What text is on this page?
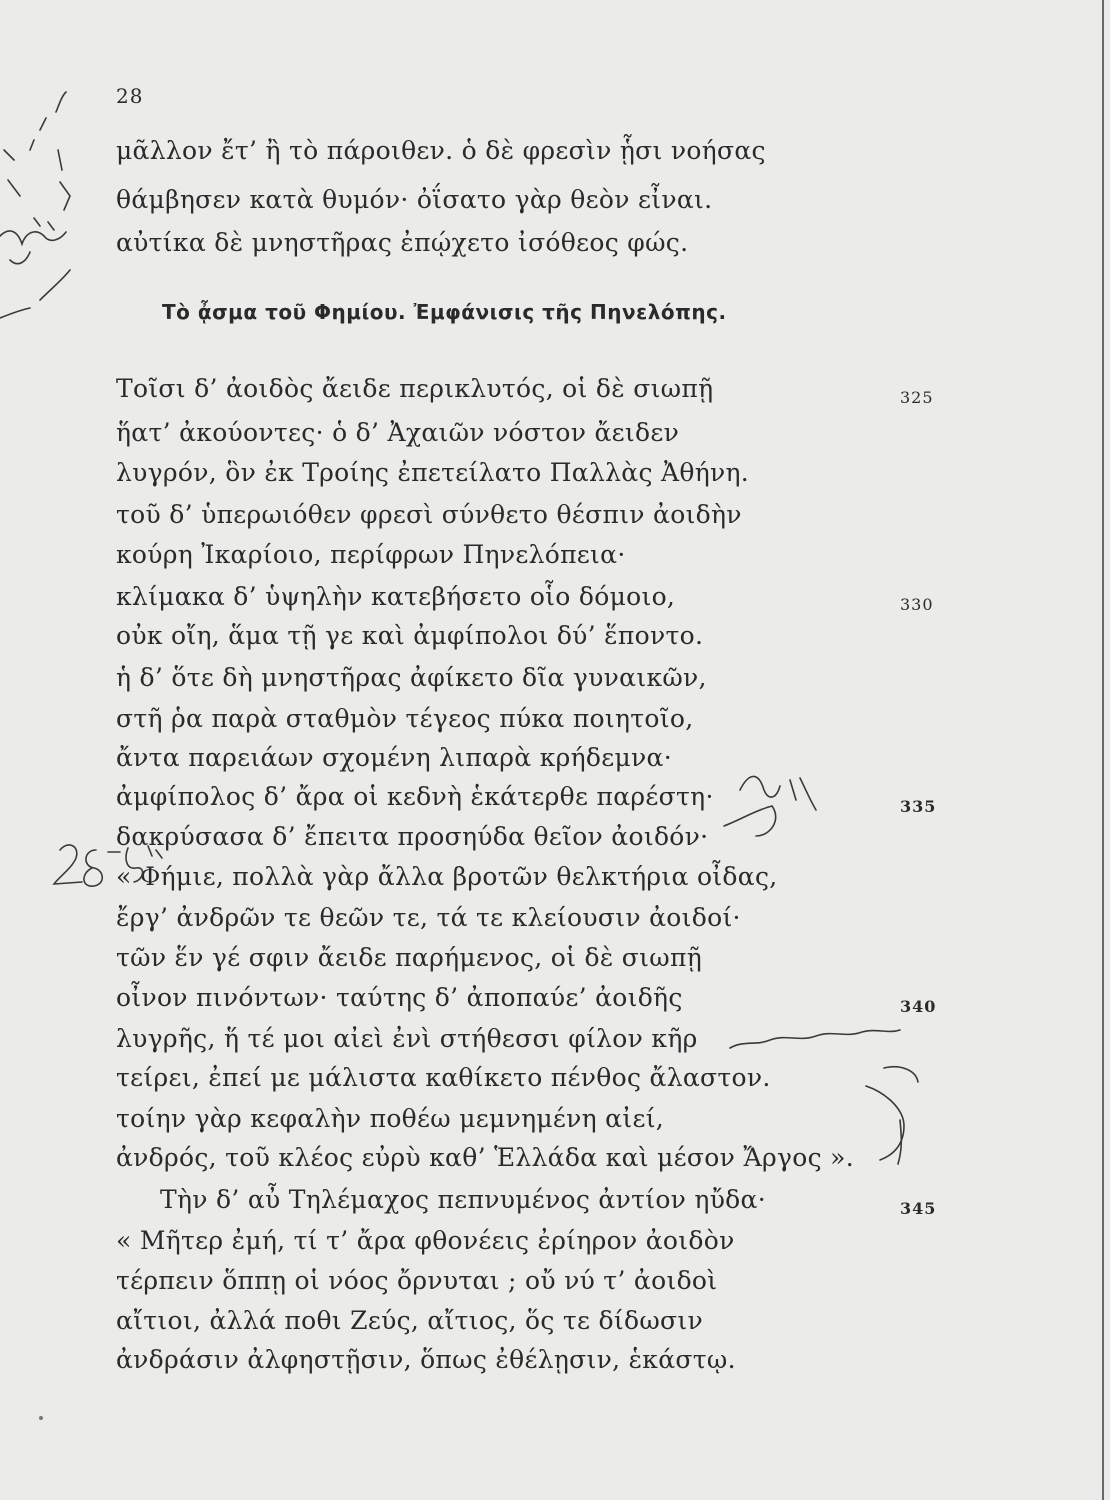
28
μᾶλλον ἔτ’ ἢ τὸ πάροιθεν. ὁ δὲ φρεσὶν ᾗσι νοήσας
θάμβησεν κατὰ θυμόν· ὀΐσατο γὰρ θεὸν εἶναι.
αὐτίκα δὲ μνηστῆρας ἐπῴχετο ἰσόθεος φώς.
Τὸ ᾆσμα τοῦ Φημίου. Ἐμφάνισις τῆς Πηνελόπης.
Τοῖσι δ’ ἀοιδὸς ἄειδε περικλυτός, οἱ δὲ σιωπῇ
ἥατ’ ἀκούοντες· ὁ δ’ Ἀχαιῶν νόστον ἄειδεν
λυγρόν, ὃν ἐκ Τροίης ἐπετείλατο Παλλὰς Ἀθήνη.
τοῦ δ’ ὑπερωιόθεν φρεσὶ σύνθετο θέσπιν ἀοιδὴν
κούρη Ἰκαρίοιο, περίφρων Πηνελόπεια·
κλίμακα δ’ ὑψηλὴν κατεβήσετο οἷο δόμοιο,
οὐκ οἴη, ἅμα τῇ γε καὶ ἀμφίπολοι δύ’ ἕποντο.
ἡ δ’ ὅτε δὴ μνηστῆρας ἀφίκετο δῖα γυναικῶν,
στῆ ῥα παρὰ σταθμὸν τέγεος πύκα ποιητοῖο,
ἄντα παρειάων σχομένη λιπαρὰ κρήδεμνα·
ἀμφίπολος δ’ ἄρα οἱ κεδνὴ ἑκάτερθε παρέστη·
δακρύσασα δ’ ἔπειτα προσηύδα θεῖον ἀοιδόν·
« Φήμιε, πολλὰ γὰρ ἄλλα βροτῶν θελκτήρια οἶδας,
ἔργ’ ἀνδρῶν τε θεῶν τε, τά τε κλείουσιν ἀοιδοί·
τῶν ἕν γέ σφιν ἄειδε παρήμενος, οἱ δὲ σιωπῇ
οἶνον πινόντων· ταύτης δ’ ἀποπαύε’ ἀοιδῆς
λυγρῆς, ἥ τέ μοι αἰεὶ ἐνὶ στήθεσσι φίλον κῆρ
τείρει, ἐπεί με μάλιστα καθίκετο πένθος ἄλαστον.
τοίην γὰρ κεφαλὴν ποθέω μεμνημένη αἰεί,
ἀνδρός, τοῦ κλέος εὐρὺ καθ’ Ἑλλάδα καὶ μέσον Ἄργος ».
Τὴν δ’ αὖ Τηλέμαχος πεπνυμένος ἀντίον ηὔδα·
« Μῆτερ ἐμή, τί τ’ ἄρα φθονέεις ἐρίηρον ἀοιδὸν
τέρπειν ὅππῃ οἱ νόος ὄρνυται ; οὔ νύ τ’ ἀοιδοὶ
αἴτιοι, ἀλλά ποθι Ζεύς, αἴτιος, ὅς τε δίδωσιν
ἀνδράσιν ἀλφηστῇσιν, ὅπως ἐθέλῃσιν, ἑκάστῳ.
325
330
335
340
345
28-5-
